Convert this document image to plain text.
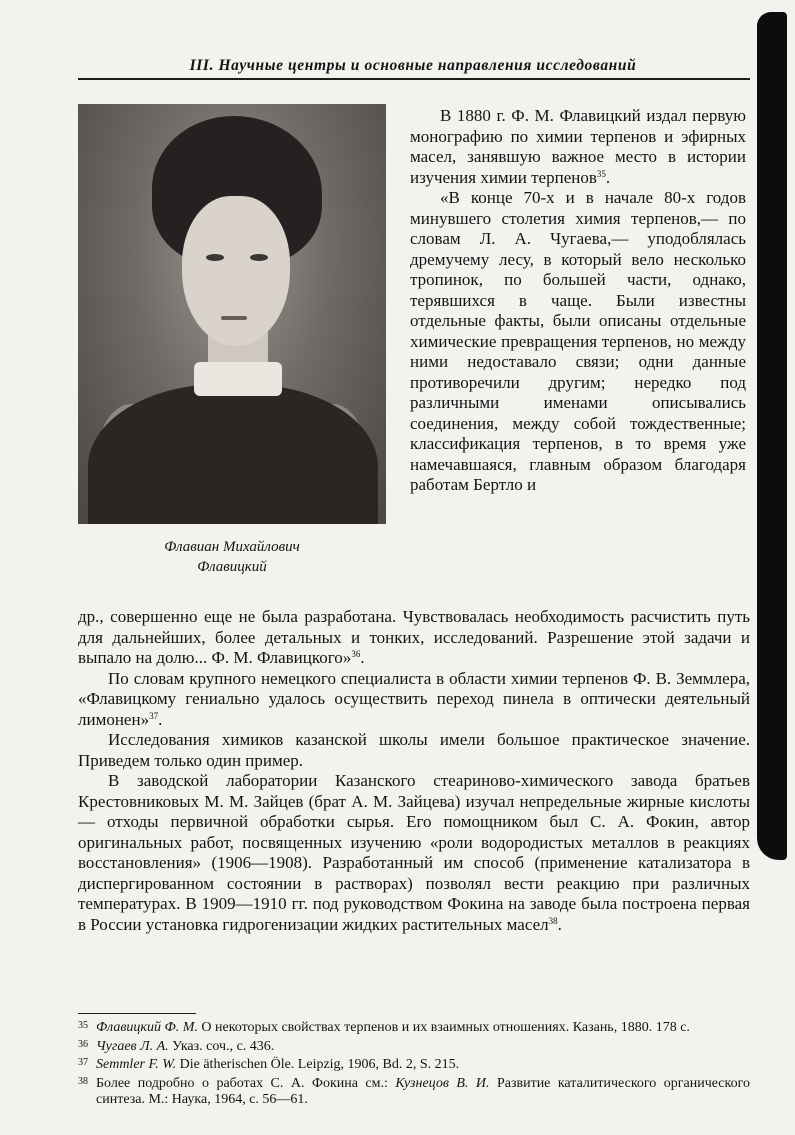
III. Научные центры и основные направления исследований
Флавиан Михайлович
Флавицкий

В 1880 г. Ф. М. Флавицкий издал первую монографию по химии терпенов и эфирных масел, занявшую важное место в истории изучения химии терпенов$^{35}$.

«В конце 70-х и в начале 80-х годов минувшего столетия химия терпенов,— по словам Л. А. Чугаева,— уподоблялась дремучему лесу, в который вело несколько тропинок, по большей части, однако, терявшихся в чаще. Были известны отдельные факты, были описаны отдельные химические превращения терпенов, но между ними недоставало связи; одни данные противоречили другим; нередко под различными именами описывались соединения, между собой тождественные; классификация терпенов, в то время уже намечавшаяся, главным образом благодаря работам Бертло и

др., совершенно еще не была разработана. Чувствовалась необходимость расчистить путь для дальнейших, более детальных и тонких, исследований. Разрешение этой задачи и выпало на долю... Ф. М. Флавицкого»$^{36}$.

По словам крупного немецкого специалиста в области химии терпенов Ф. В. Земмлера, «Флавицкому гениально удалось осуществить переход пинела в оптически деятельный лимонен»$^{37}$.

Исследования химиков казанской школы имели большое практическое значение. Приведем только один пример.

В заводской лаборатории Казанского стеариново-химического завода братьев Крестовниковых М. М. Зайцев (брат А. М. Зайцева) изучал непредельные жирные кислоты — отходы первичной обработки сырья. Его помощником был С. А. Фокин, автор оригинальных работ, посвященных изучению «роли водородистых металлов в реакциях восстановления» (1906—1908). Разработанный им способ (применение катализатора в диспергированном состоянии в растворах) позволял вести реакцию при различных температурах. В 1909—1910 гг. под руководством Фокина на заводе была построена первая в России установка гидрогенизации жидких растительных масел$^{38}$.

35 Флавицкий Ф. М. О некоторых свойствах терпенов и их взаимных отношениях. Казань, 1880. 178 с.

36 Чугаев Л. А. Указ. соч., с. 436.

37 Semmler F. W. Die ätherischen Öle. Leipzig, 1906, Bd. 2, S. 215.

38 Более подробно о работах С. А. Фокина см.: Кузнецов В. И. Развитие каталитического органического синтеза. М.: Наука, 1964, с. 56—61.
